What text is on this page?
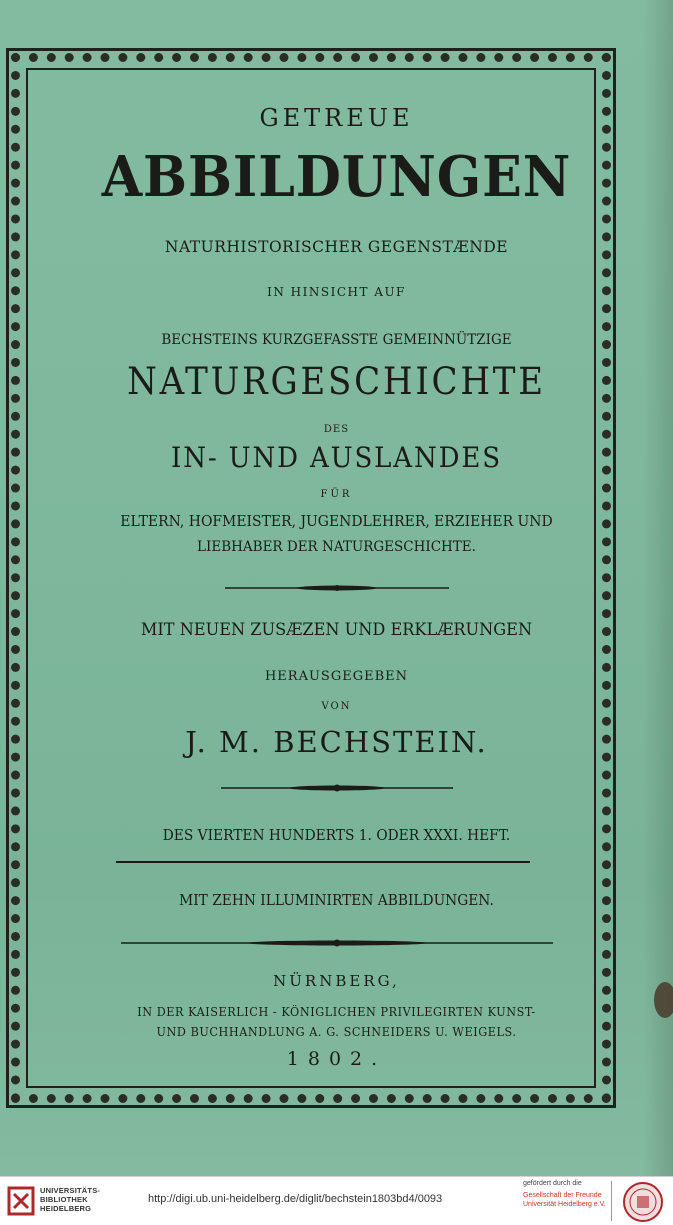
GETREUE

ABBILDUNGEN

NATURHISTORISCHER GEGENSTÆNDE

IN HINSICHT AUF

BECHSTEINS KURZGEFASSTE GEMEINNÜTZIGE

NATURGESCHICHTE

DES

IN- UND AUSLANDES

FÜR

ELTERN, HOFMEISTER, JUGENDLEHRER, ERZIEHER UND

LIEBHABER DER NATURGESCHICHTE.

MIT NEUEN ZUSÆZEN UND ERKLÆRUNGEN

HERAUSGEGEBEN

VON

J. M. BECHSTEIN.

DES VIERTEN HUNDERTS 1. ODER XXXI. HEFT.

MIT ZEHN ILLUMINIRTEN ABBILDUNGEN.

NÜRNBERG,

IN DER KAISERLICH - KÖNIGLICHEN PRIVILEGIRTEN KUNST-

UND BUCHHANDLUNG A. G. SCHNEIDERS U. WEIGELS.

1802.

UNIVERSITÄTS-
BIBLIOTHEK
HEIDELBERG
http://digi.ub.uni-heidelberg.de/diglit/bechstein1803bd4/0093
gefördert durch die
Gesellschaft der Freunde
Universität Heidelberg e.V.
